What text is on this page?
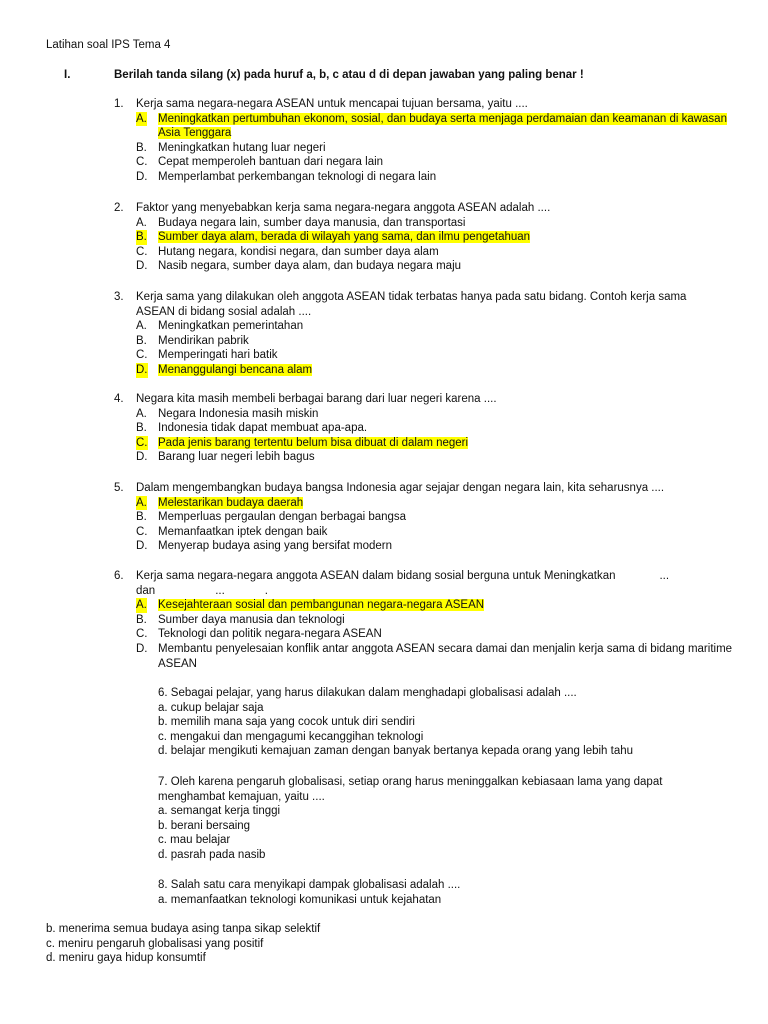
Latihan soal IPS Tema 4
I.	Berilah tanda silang (x) pada huruf a, b, c atau d di depan jawaban yang paling benar !
1. Kerja sama negara-negara ASEAN untuk mencapai tujuan bersama, yaitu ....
A. Meningkatkan pertumbuhan ekonom, sosial, dan budaya serta menjaga perdamaian dan keamanan di kawasan Asia Tenggara
B. Meningkatkan hutang luar negeri
C. Cepat memperoleh bantuan dari negara lain
D. Memperlambat perkembangan teknologi di negara lain
2. Faktor yang menyebabkan kerja sama negara-negara anggota ASEAN adalah ....
A. Budaya negara lain, sumber daya manusia, dan transportasi
B. Sumber daya alam, berada di wilayah yang sama, dan ilmu pengetahuan
C. Hutang negara, kondisi negara, dan sumber daya alam
D. Nasib negara, sumber daya alam, dan budaya negara maju
3. Kerja sama yang dilakukan oleh anggota ASEAN tidak terbatas hanya pada satu bidang. Contoh kerja sama ASEAN di bidang sosial adalah ....
A. Meningkatkan pemerintahan
B. Mendirikan pabrik
C. Memperingati hari batik
D. Menanggulangi bencana alam
4. Negara kita masih membeli berbagai barang dari luar negeri karena ....
A. Negara Indonesia masih miskin
B. Indonesia tidak dapat membuat apa-apa.
C. Pada jenis barang tertentu belum bisa dibuat di dalam negeri
D. Barang luar negeri lebih bagus
5. Dalam mengembangkan budaya bangsa Indonesia agar sejajar dengan negara lain, kita seharusnya ....
A. Melestarikan budaya daerah
B. Memperluas pergaulan dengan berbagai bangsa
C. Memanfaatkan iptek dengan baik
D. Menyerap budaya asing yang bersifat modern
6. Kerja sama negara-negara anggota ASEAN dalam bidang sosial berguna untuk Meningkatkan	...
dan	...	.
A. Kesejahteraan sosial dan pembangunan negara-negara ASEAN
B. Sumber daya manusia dan teknologi
C. Teknologi dan politik negara-negara ASEAN
D. Membantu penyelesaian konflik antar anggota ASEAN secara damai dan menjalin kerja sama di bidang maritime ASEAN
6. Sebagai pelajar, yang harus dilakukan dalam menghadapi globalisasi adalah ....
a. cukup belajar saja
b. memilih mana saja yang cocok untuk diri sendiri
c. mengakui dan mengagumi kecanggihan teknologi
d. belajar mengikuti kemajuan zaman dengan banyak bertanya kepada orang yang lebih tahu
7. Oleh karena pengaruh globalisasi, setiap orang harus meninggalkan kebiasaan lama yang dapat menghambat kemajuan, yaitu ....
a. semangat kerja tinggi
b. berani bersaing
c. mau belajar
d. pasrah pada nasib
8. Salah satu cara menyikapi dampak globalisasi adalah ....
a. memanfaatkan teknologi komunikasi untuk kejahatan
b. menerima semua budaya asing tanpa sikap selektif
c. meniru pengaruh globalisasi yang positif
d. meniru gaya hidup konsumtif
